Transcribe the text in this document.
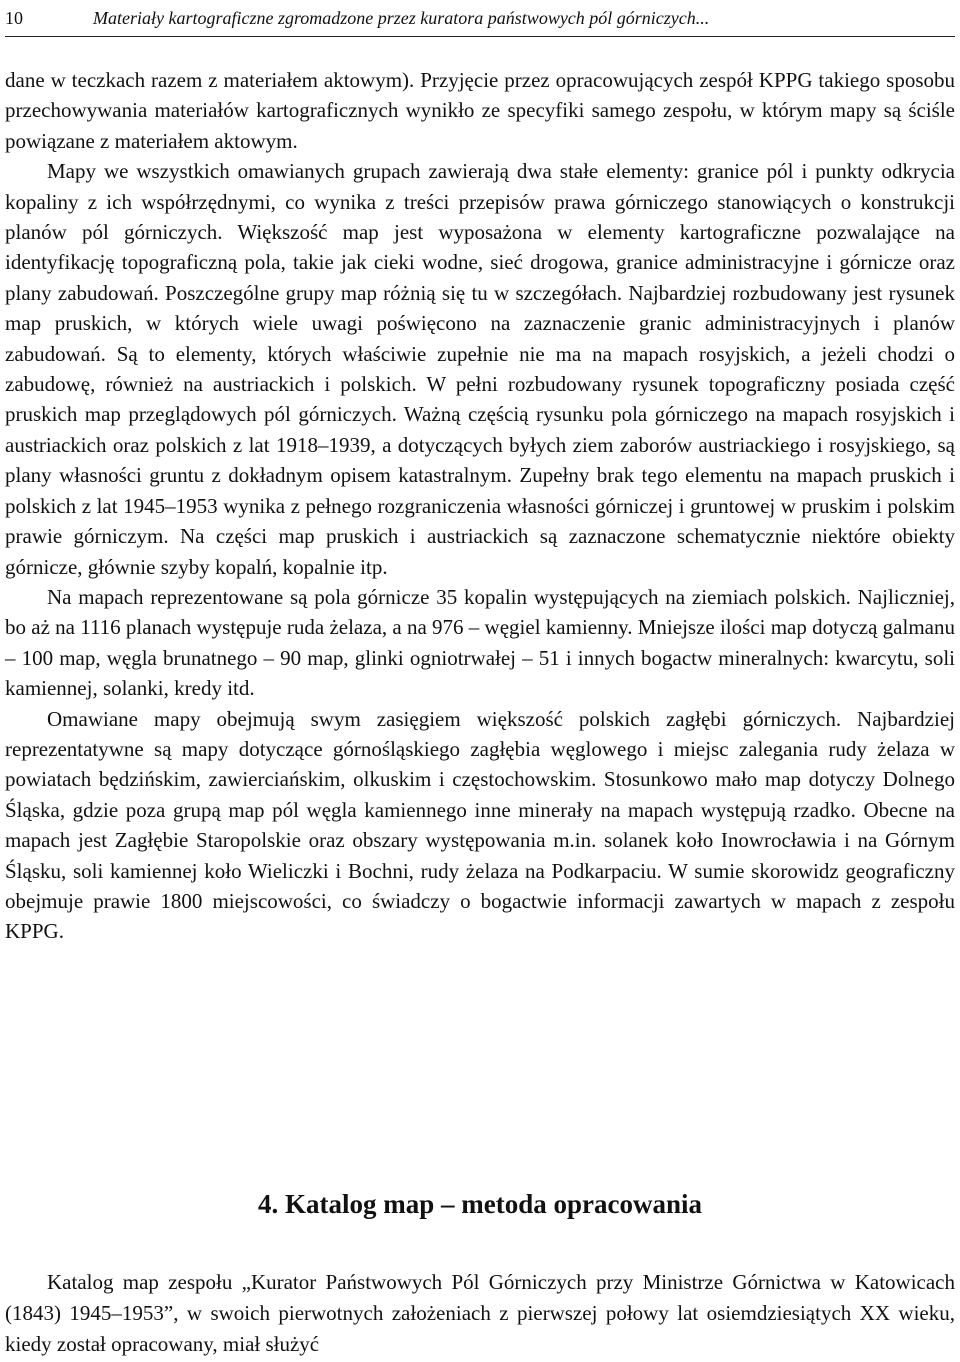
10	Materiały kartograficzne zgromadzone przez kuratora państwowych pól górniczych...

dane w teczkach razem z materiałem aktowym). Przyjęcie przez opracowujących zespół KPPG takiego sposobu przechowywania materiałów kartograficznych wynikło ze specyfiki samego zespołu, w którym mapy są ściśle powiązane z materiałem aktowym.

Mapy we wszystkich omawianych grupach zawierają dwa stałe elementy: granice pól i punkty odkrycia kopaliny z ich współrzędnymi, co wynika z treści przepisów prawa górniczego stanowiących o konstrukcji planów pól górniczych. Większość map jest wyposażona w elementy kartograficzne pozwalające na identyfikację topograficzną pola, takie jak cieki wodne, sieć drogowa, granice administracyjne i górnicze oraz plany zabudowań. Poszczególne grupy map różnią się tu w szczegółach. Najbardziej rozbudowany jest rysunek map pruskich, w których wiele uwagi poświęcono na zaznaczenie granic administracyjnych i planów zabudowań. Są to elementy, których właściwie zupełnie nie ma na mapach rosyjskich, a jeżeli chodzi o zabudowę, również na austriackich i polskich. W pełni rozbudowany rysunek topograficzny posiada część pruskich map przeglądowych pól górniczych. Ważną częścią rysunku pola górniczego na mapach rosyjskich i austriackich oraz polskich z lat 1918–1939, a dotyczących byłych ziem zaborów austriackiego i rosyjskiego, są plany własności gruntu z dokładnym opisem katastralnym. Zupełny brak tego elementu na mapach pruskich i polskich z lat 1945–1953 wynika z pełnego rozgraniczenia własności górniczej i gruntowej w pruskim i polskim prawie górniczym. Na części map pruskich i austriackich są zaznaczone schematycznie niektóre obiekty górnicze, głównie szyby kopalń, kopalnie itp.

Na mapach reprezentowane są pola górnicze 35 kopalin występujących na ziemiach polskich. Najliczniej, bo aż na 1116 planach występuje ruda żelaza, a na 976 – węgiel kamienny. Mniejsze ilości map dotyczą galmanu – 100 map, węgla brunatnego – 90 map, glinki ogniotrwałej – 51 i innych bogactw mineralnych: kwarcytu, soli kamiennej, solanki, kredy itd.

Omawiane mapy obejmują swym zasięgiem większość polskich zagłębi górniczych. Najbardziej reprezentatywne są mapy dotyczące górnośląskiego zagłębia węglowego i miejsc zalegania rudy żelaza w powiatach będzińskim, zawierciańskim, olkuskim i częstochowskim. Stosunkowo mało map dotyczy Dolnego Śląska, gdzie poza grupą map pól węgla kamiennego inne minerały na mapach występują rzadko. Obecne na mapach jest Zagłębie Staropolskie oraz obszary występowania m.in. solanek koło Inowrocławia i na Górnym Śląsku, soli kamiennej koło Wieliczki i Bochni, rudy żelaza na Podkarpaciu. W sumie skorowidz geograficzny obejmuje prawie 1800 miejscowości, co świadczy o bogactwie informacji zawartych w mapach z zespołu KPPG.

4. Katalog map – metoda opracowania

Katalog map zespołu „Kurator Państwowych Pól Górniczych przy Ministrze Górnictwa w Katowicach (1843) 1945–1953”, w swoich pierwotnych założeniach z pierwszej połowy lat osiemdziesiątych XX wieku, kiedy został opracowany, miał służyć
